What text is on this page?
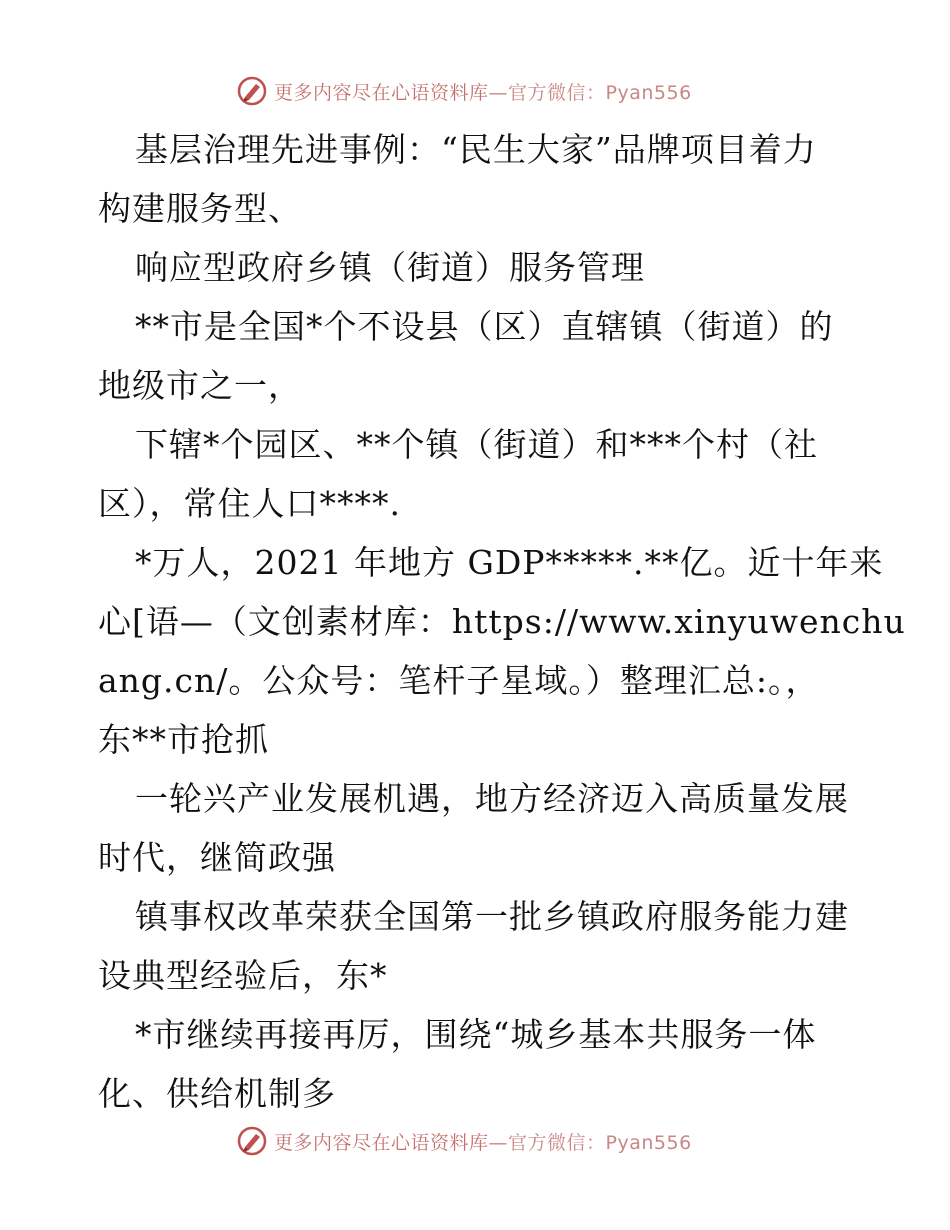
更多内容尽在心语资料库—官方微信：Pyan556
基层治理先进事例：“民生大家”品牌项目着力
构建服务型、
响应型政府乡镇（街道）服务管理
**市是全国*个不设县（区）直辖镇（街道）的
地级市之一，
下辖*个园区、**个镇（街道）和***个村（社
区），常住人口****.
*万人，2021 年地方 GDP*****.**亿。近十年来
心[语—（文创素材库：https://www.xinyuwenchu
ang.cn/。公众号：笔杆子星域。）整理汇总:。，
东**市抢抓
一轮兴产业发展机遇，地方经济迈入高质量发展
时代，继简政强
镇事权改革荣获全国第一批乡镇政府服务能力建
设典型经验后，东*
*市继续再接再厉，围绕“城乡基本共服务一体
化、供给机制多
更多内容尽在心语资料库—官方微信：Pyan556
